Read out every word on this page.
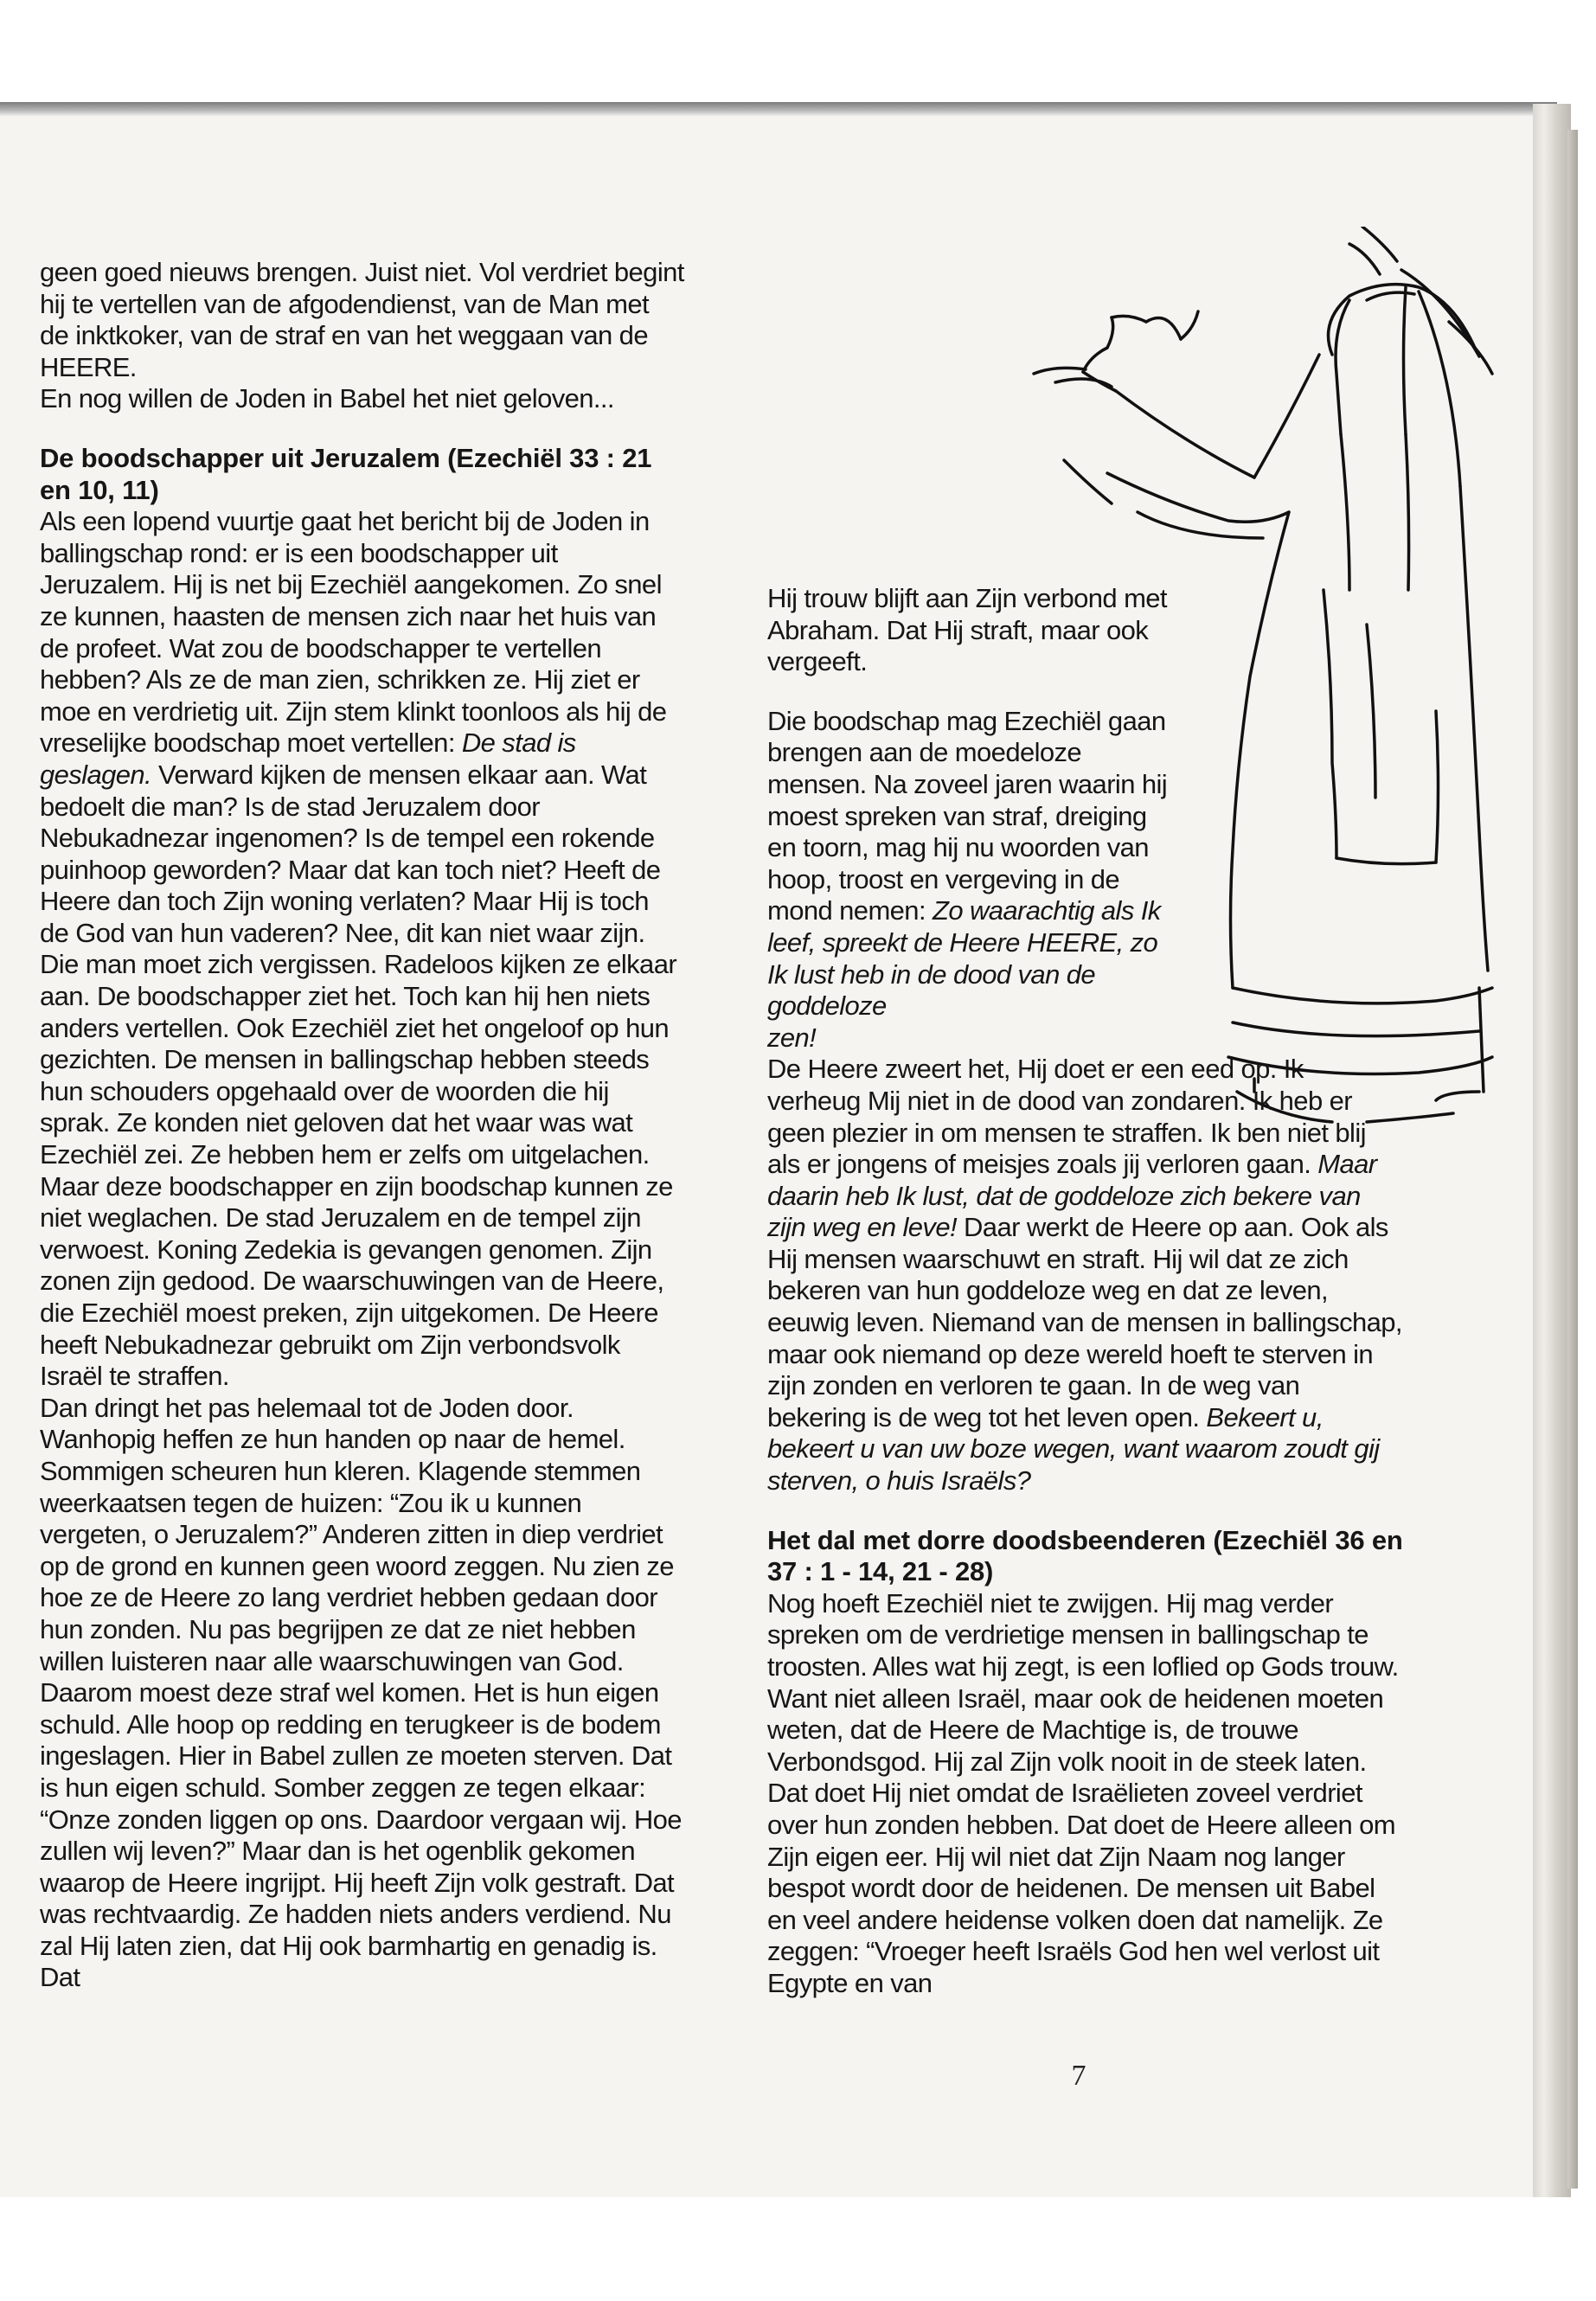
geen goed nieuws brengen. Juist niet. Vol verdriet begint hij te vertellen van de afgodendienst, van de Man met de inktkoker, van de straf en van het weggaan van de HEERE.

En nog willen de Joden in Babel het niet geloven...

De boodschapper uit Jeruzalem (Ezechiël 33 : 21 en 10, 11)

Als een lopend vuurtje gaat het bericht bij de Joden in ballingschap rond: er is een boodschapper uit Jeruzalem. Hij is net bij Ezechiël aangekomen. Zo snel ze kunnen, haasten de mensen zich naar het huis van de profeet. Wat zou de boodschapper te vertellen hebben? Als ze de man zien, schrikken ze. Hij ziet er moe en verdrietig uit. Zijn stem klinkt toonloos als hij de vreselijke boodschap moet vertellen: De stad is geslagen. Verward kijken de mensen elkaar aan. Wat bedoelt die man? Is de stad Jeruzalem door Nebukadnezar ingenomen? Is de tempel een rokende puinhoop geworden? Maar dat kan toch niet? Heeft de Heere dan toch Zijn woning verlaten? Maar Hij is toch de God van hun vaderen? Nee, dit kan niet waar zijn. Die man moet zich vergissen. Radeloos kijken ze elkaar aan. De boodschapper ziet het. Toch kan hij hen niets anders vertellen. Ook Ezechiël ziet het ongeloof op hun gezichten. De mensen in ballingschap hebben steeds hun schouders opgehaald over de woorden die hij sprak. Ze konden niet geloven dat het waar was wat Ezechiël zei. Ze hebben hem er zelfs om uitgelachen. Maar deze boodschapper en zijn boodschap kunnen ze niet weglachen. De stad Jeruzalem en de tempel zijn verwoest. Koning Zedekia is gevangen genomen. Zijn zonen zijn gedood. De waarschuwingen van de Heere, die Ezechiël moest preken, zijn uitgekomen. De Heere heeft Nebukadnezar gebruikt om Zijn verbondsvolk Israël te straffen.

Dan dringt het pas helemaal tot de Joden door. Wanhopig heffen ze hun handen op naar de hemel. Sommigen scheuren hun kleren. Klagende stemmen weerkaatsen tegen de huizen: “Zou ik u kunnen vergeten, o Jeruzalem?” Anderen zitten in diep verdriet op de grond en kunnen geen woord zeggen. Nu zien ze hoe ze de Heere zo lang verdriet hebben gedaan door hun zonden. Nu pas begrijpen ze dat ze niet hebben willen luisteren naar alle waarschuwingen van God. Daarom moest deze straf wel komen. Het is hun eigen schuld. Alle hoop op redding en terugkeer is de bodem ingeslagen. Hier in Babel zullen ze moeten sterven. Dat is hun eigen schuld. Somber zeggen ze tegen elkaar: “Onze zonden liggen op ons. Daardoor vergaan wij. Hoe zullen wij leven?” Maar dan is het ogenblik gekomen waarop de Heere ingrijpt. Hij heeft Zijn volk gestraft. Dat was rechtvaardig. Ze hadden niets anders verdiend. Nu zal Hij laten zien, dat Hij ook barmhartig en genadig is. Dat

Hij trouw blijft aan Zijn verbond met Abraham. Dat Hij straft, maar ook vergeeft.

Die boodschap mag Ezechiël gaan brengen aan de moedeloze mensen. Na zoveel jaren waarin hij moest spreken van straf, dreiging en toorn, mag hij nu woorden van hoop, troost en vergeving in de mond nemen: Zo waarachtig als Ik leef, spreekt de Heere HEERE, zo Ik lust heb in de dood van de goddeloze
zen!

De Heere zweert het, Hij doet er een eed op. Ik verheug Mij niet in de dood van zondaren. Ik heb er geen plezier in om mensen te straffen. Ik ben niet blij als er jongens of meisjes zoals jij verloren gaan. Maar daarin heb Ik lust, dat de goddeloze zich bekere van zijn weg en leve! Daar werkt de Heere op aan. Ook als Hij mensen waarschuwt en straft. Hij wil dat ze zich bekeren van hun goddeloze weg en dat ze leven, eeuwig leven. Niemand van de mensen in ballingschap, maar ook niemand op deze wereld hoeft te sterven in zijn zonden en verloren te gaan. In de weg van bekering is de weg tot het leven open. Bekeert u, bekeert u van uw boze wegen, want waarom zoudt gij sterven, o huis Israëls?

Het dal met dorre doodsbeenderen (Ezechiël 36 en 37 : 1 - 14, 21 - 28)

Nog hoeft Ezechiël niet te zwijgen. Hij mag verder spreken om de verdrietige mensen in ballingschap te troosten. Alles wat hij zegt, is een loflied op Gods trouw. Want niet alleen Israël, maar ook de heidenen moeten weten, dat de Heere de Machtige is, de trouwe Verbondsgod. Hij zal Zijn volk nooit in de steek laten. Dat doet Hij niet omdat de Israëlieten zoveel verdriet over hun zonden hebben. Dat doet de Heere alleen om Zijn eigen eer. Hij wil niet dat Zijn Naam nog langer bespot wordt door de heidenen. De mensen uit Babel en veel andere heidense volken doen dat namelijk. Ze zeggen: “Vroeger heeft Israëls God hen wel verlost uit Egypte en van

7
